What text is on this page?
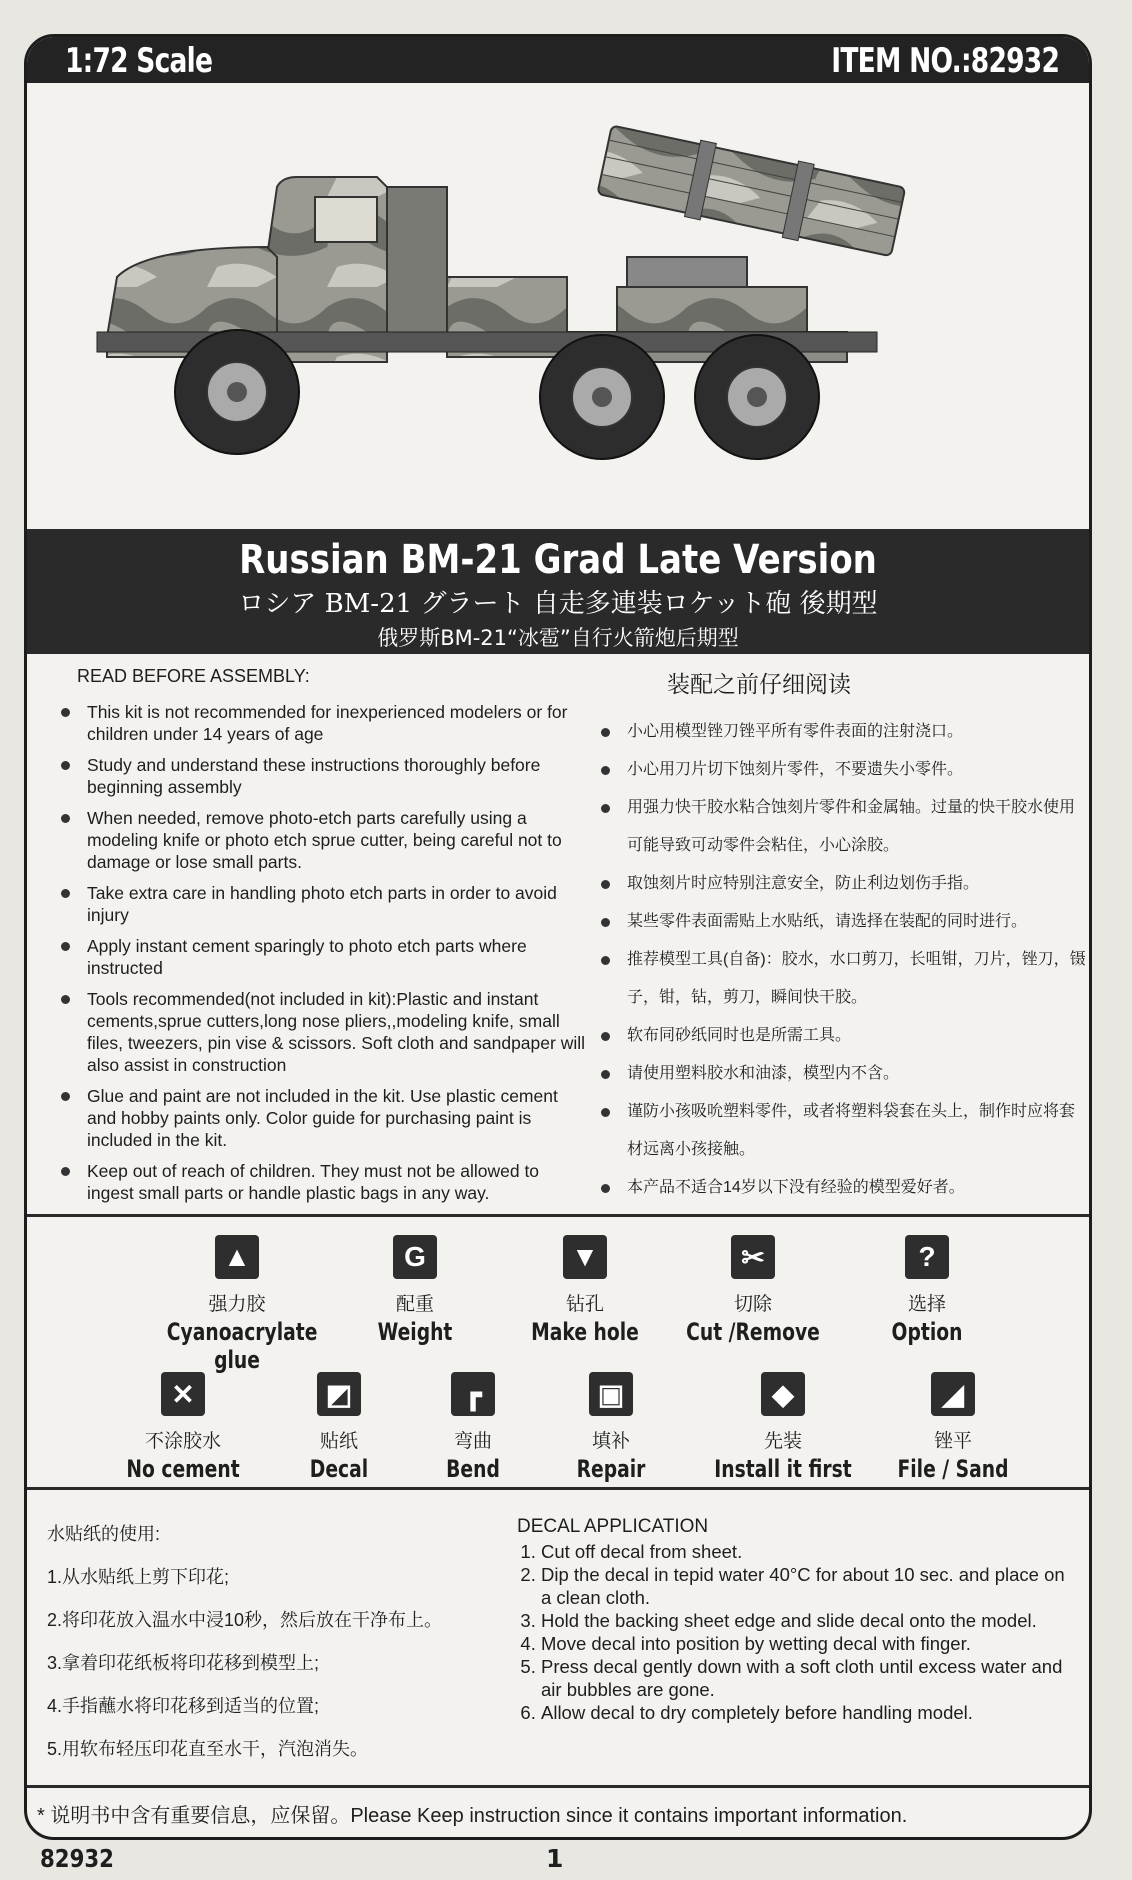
1:72 Scale	ITEM NO.:82932
Russian BM-21 Grad Late Version
ロシア BM-21 グラート 自走多連装ロケット砲 後期型
俄罗斯BM-21“冰雹”自行火箭炮后期型
READ BEFORE ASSEMBLY:
This kit is not recommended for inexperienced modelers or for children under 14 years of age
Study and understand these instructions thoroughly before beginning assembly
When needed, remove photo-etch parts carefully using a modeling knife or photo etch sprue cutter, being careful not to damage or lose small parts.
Take extra care in handling photo etch parts in order to avoid injury
Apply instant cement sparingly to photo etch parts where instructed
Tools recommended(not included in kit):Plastic and instant cements,sprue cutters,long nose pliers,,modeling knife, small files, tweezers, pin vise & scissors. Soft cloth and sandpaper will also assist in construction
Glue and paint are not included in the kit. Use plastic cement and hobby paints only. Color guide for purchasing paint is included in the kit.
Keep out of reach of children. They must not be allowed to ingest small parts or handle plastic bags in any way.
装配之前仔细阅读
小心用模型锉刀锉平所有零件表面的注射浇口。
小心用刀片切下蚀刻片零件，不要遗失小零件。
用强力快干胶水粘合蚀刻片零件和金属轴。过量的快干胶水使用可能导致可动零件会粘住，小心涂胶。
取蚀刻片时应特别注意安全，防止利边划伤手指。
某些零件表面需贴上水贴纸，请选择在装配的同时进行。
推荐模型工具(自备)：胶水，水口剪刀，长咀钳，刀片，锉刀，镊子，钳，钻，剪刀，瞬间快干胶。
软布同砂纸同时也是所需工具。
请使用塑料胶水和油漆，模型内不含。
谨防小孩吸吮塑料零件，或者将塑料袋套在头上，制作时应将套材远离小孩接触。
本产品不适合14岁以下没有经验的模型爱好者。
▲
强力胶
Cyanoacrylate glue
G
配重
Weight
▼
钻孔
Make hole
✂
切除
Cut /Remove
?
选择
Option
✕
不涂胶水
No cement
◩
贴纸
Decal
┏
弯曲
Bend
▣
填补
Repair
◆
先装
Install it first
◢
锉平
File / Sand
水贴纸的使用:
1.从水贴纸上剪下印花;
2.将印花放入温水中浸10秒，然后放在干净布上。
3.拿着印花纸板将印花移到模型上;
4.手指蘸水将印花移到适当的位置;
5.用软布轻压印花直至水干，汽泡消失。
DECAL APPLICATION
1. Cut off decal from sheet.
2. Dip the decal in tepid water 40°C for about 10 sec. and place on a clean cloth.
3. Hold the backing sheet edge and slide decal onto the model.
4. Move decal into position by wetting decal with finger.
5. Press decal gently down with a soft cloth until excess water and air bubbles are gone.
6. Allow decal to dry completely before handling model.
* 说明书中含有重要信息，应保留。Please Keep instruction since it contains important information.
82932	1
